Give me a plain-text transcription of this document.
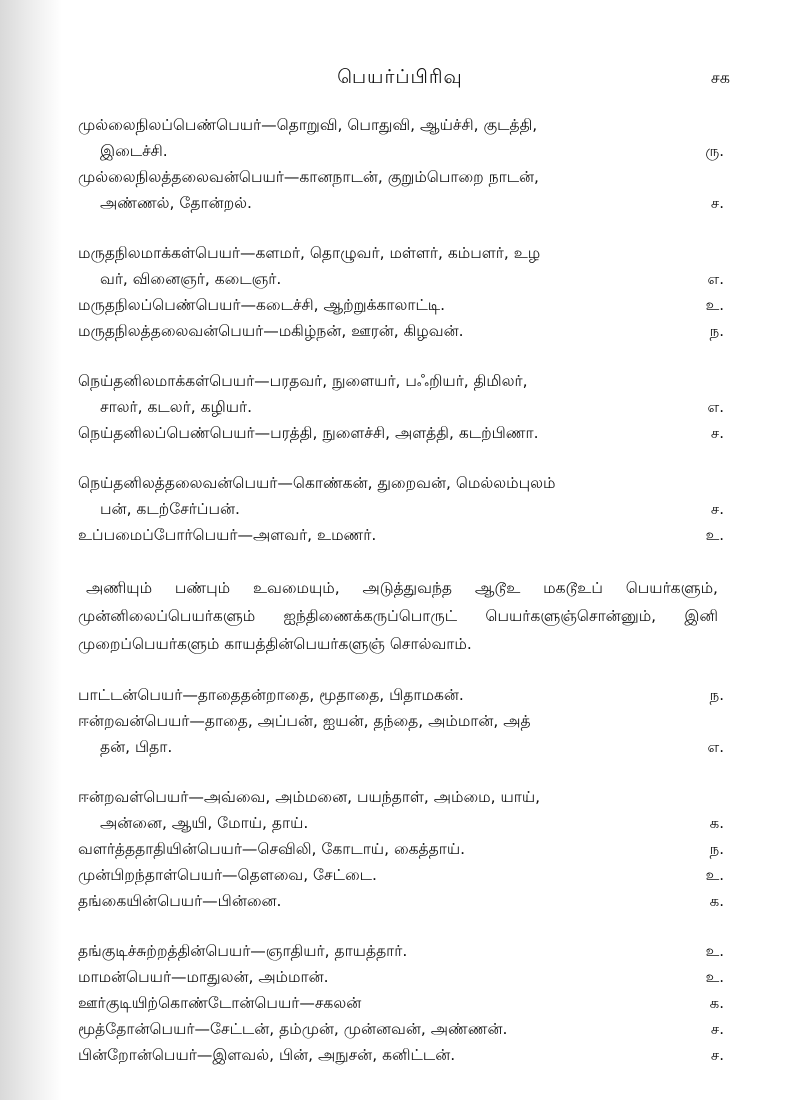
பெயர்ப்பிரிவு	சக
முல்லைநிலப்பெண்பெயர்—தொறுவி, பொதுவி, ஆய்ச்சி, குடத்தி,
இடைச்சி.	ரு.
முல்லைநிலத்தலைவன்பெயர்—கானநாடன், குறும்பொறை நாடன்,
அண்ணல், தோன்றல்.	ச.
மருதநிலமாக்கள்பெயர்—களமர், தொழுவர், மள்ளர், கம்பளர், உழ
வர், வினைஞர், கடைஞர்.	எ.
மருதநிலப்பெண்பெயர்—கடைச்சி, ஆற்றுக்காலாட்டி.	உ.
மருதநிலத்தலைவன்பெயர்—மகிழ்நன், ஊரன், கிழவன்.	ந.
நெய்தனிலமாக்கள்பெயர்—பரதவர், நுளையர், பஃறியர், திமிலர்,
சாலர், கடலர், கழியர்.	எ.
நெய்தனிலப்பெண்பெயர்—பரத்தி, நுளைச்சி, அளத்தி, கடற்பிணா.	ச.
நெய்தனிலத்தலைவன்பெயர்—கொண்கன், துறைவன், மெல்லம்புலம்
பன், கடற்சேர்ப்பன்.	ச.
உப்பமைப்போர்பெயர்—அளவர், உமணர்.	உ.
அணியும் பண்பும் உவமையும், அடுத்துவந்த ஆடூஉ மகடூஉப் பெயர்களும், முன்னிலைப்பெயர்களும் ஐந்திணைக்கருப்பொருட் பெயர்களுஞ்சொன்னும், இனி முறைப்பெயர்களும் காயத்தின்பெயர்களுஞ் சொல்வாம்.
பாட்டன்பெயர்—தாதைதன்றாதை, மூதாதை, பிதாமகன்.	ந.
ஈன்றவன்பெயர்—தாதை, அப்பன், ஐயன், தந்தை, அம்மான், அத்
தன், பிதா.	எ.
ஈன்றவள்பெயர்—அவ்வை, அம்மனை, பயந்தாள், அம்மை, யாய்,
அன்னை, ஆயி, மோய், தாய்.	க.
வளர்த்ததாதியின்பெயர்—செவிலி, கோடாய், கைத்தாய்.	ந.
முன்பிறந்தாள்பெயர்—தௌவை, சேட்டை.	உ.
தங்கையின்பெயர்—பின்னை.	க.
தங்குடிச்சுற்றத்தின்பெயர்—ஞாதியர், தாயத்தார்.	உ.
மாமன்பெயர்—மாதுலன், அம்மான்.	உ.
ஊர்குடியிற்கொண்டோன்பெயர்—சகலன்	க.
மூத்தோன்பெயர்—சேட்டன், தம்முன், முன்னவன், அண்ணன்.	ச.
பின்றோன்பெயர்—இளவல், பின், அநுசன், கனிட்டன்.	ச.
